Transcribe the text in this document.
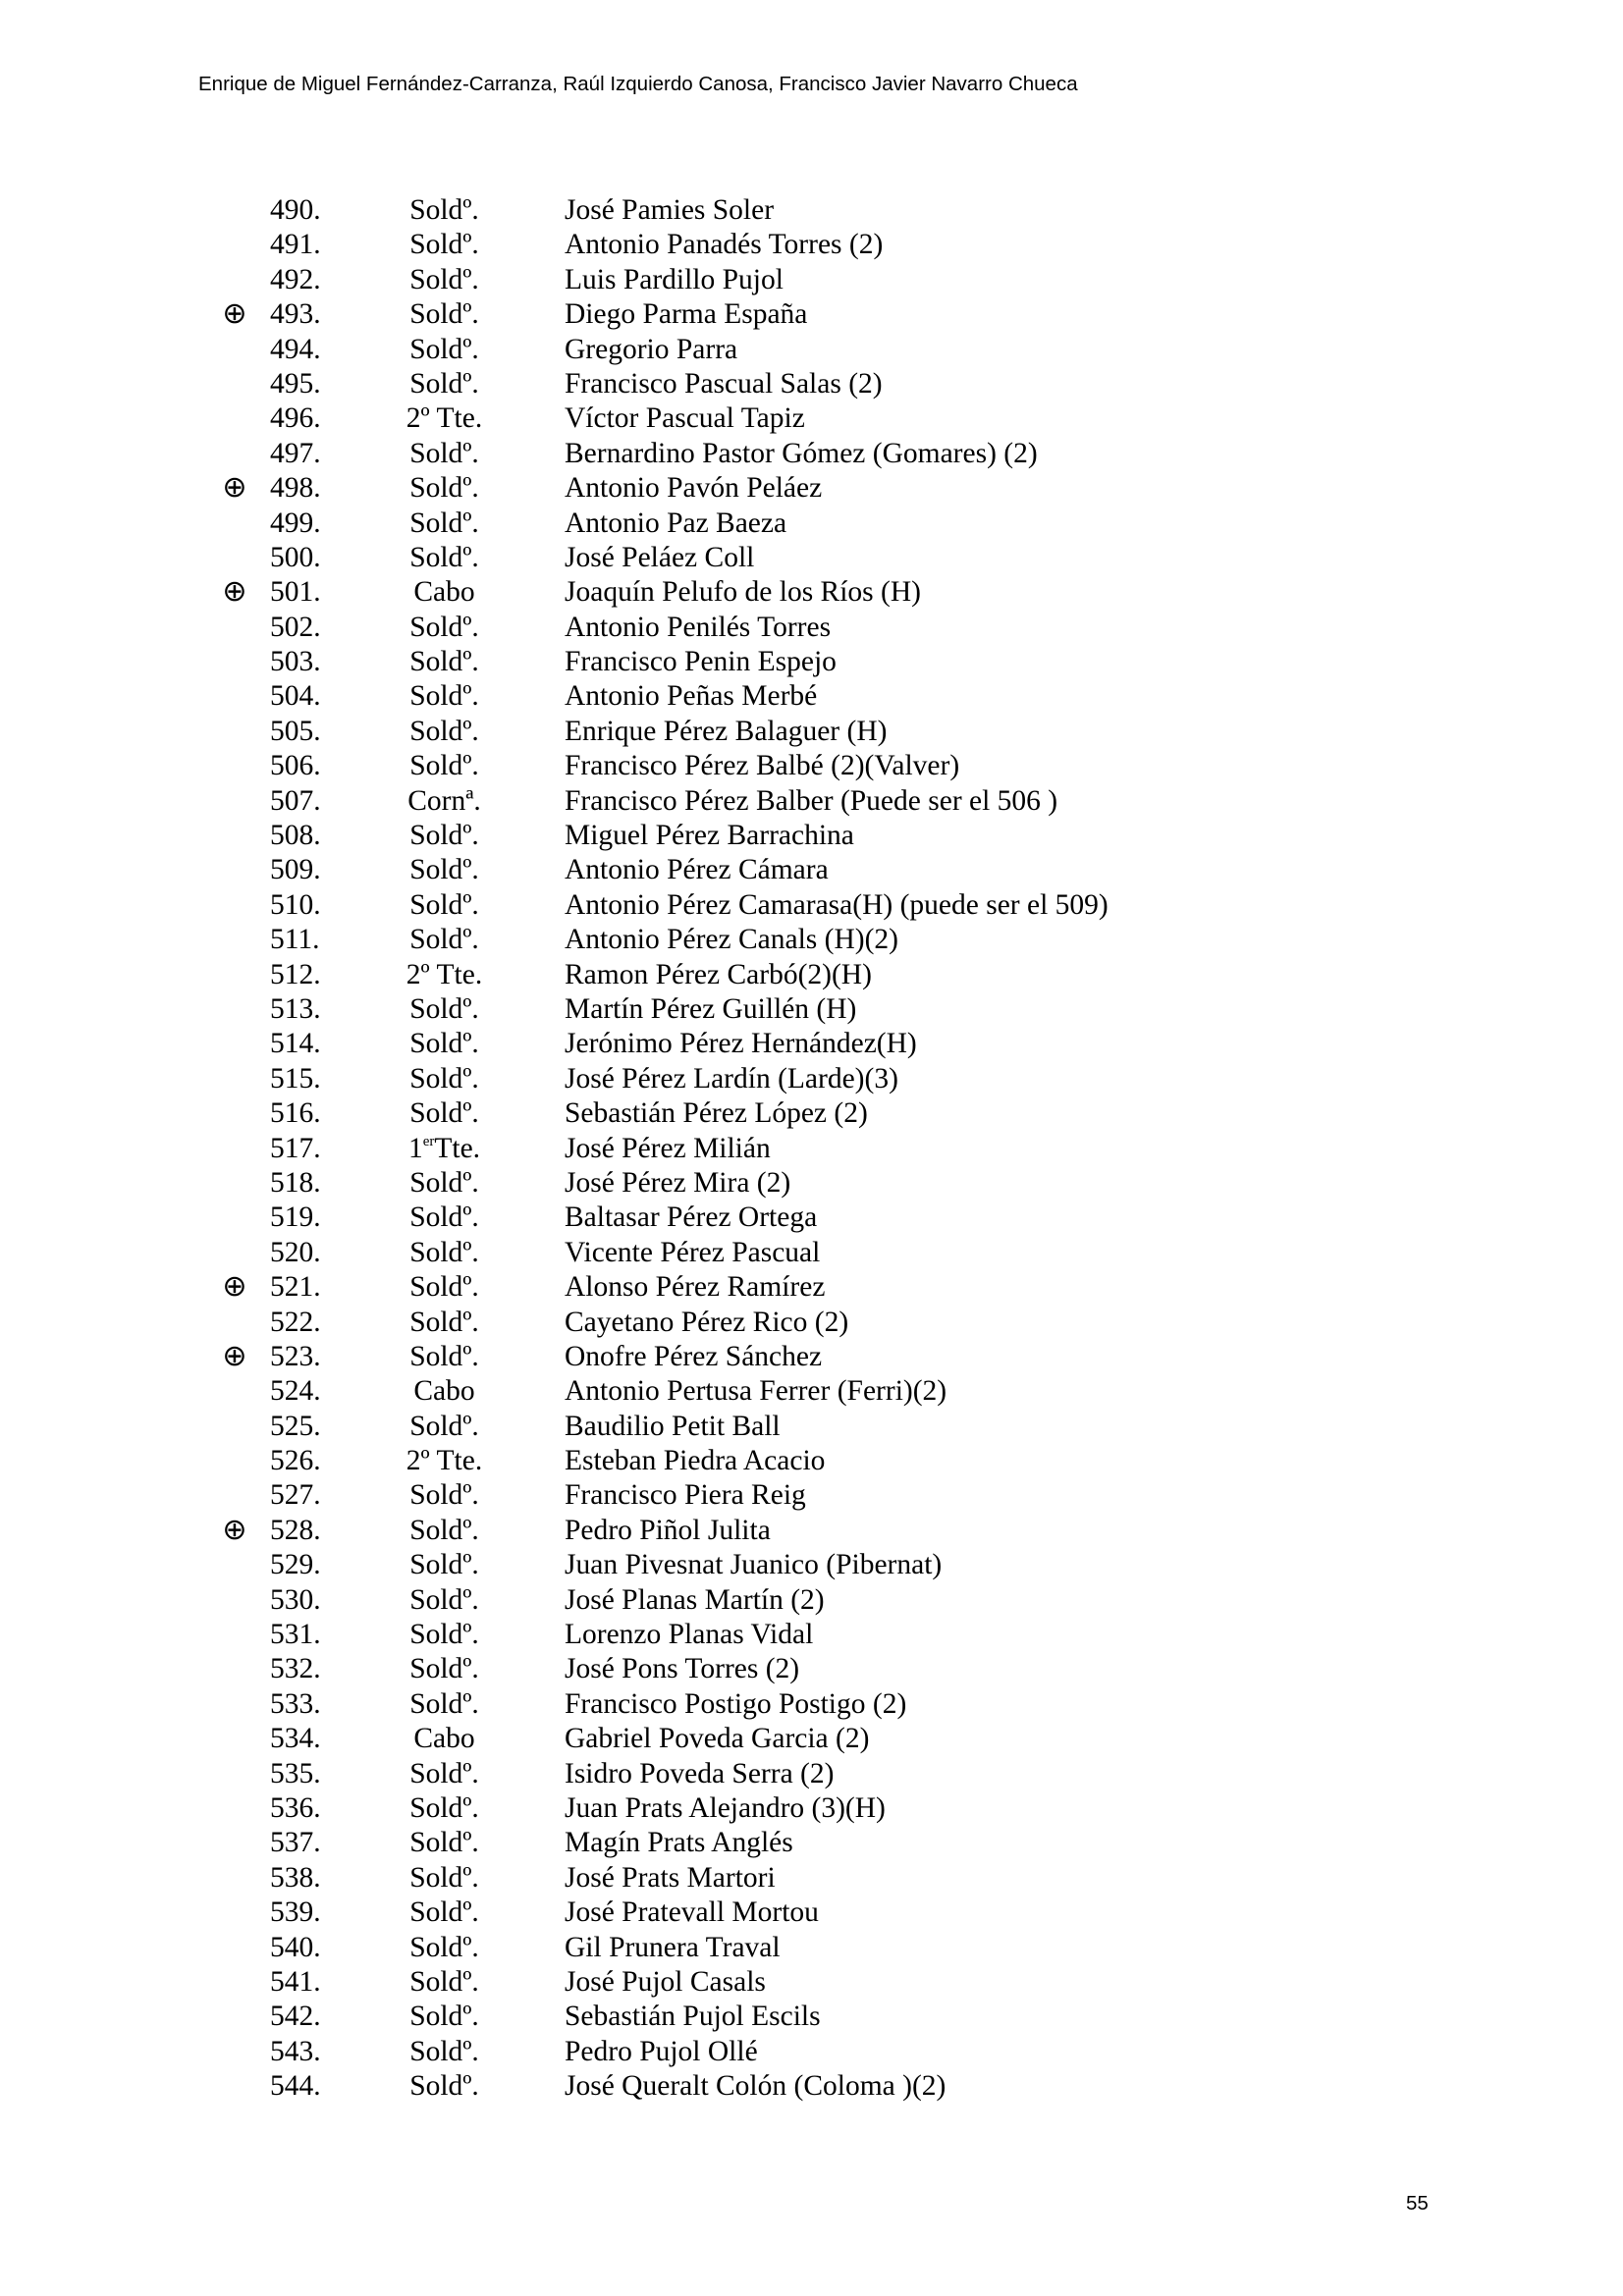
Enrique de Miguel Fernández-Carranza, Raúl Izquierdo Canosa, Francisco Javier Navarro Chueca
490.	Soldº.	José Pamies Soler
491.	Soldº.	Antonio Panadés Torres (2)
492.	Soldº.	Luis Pardillo Pujol
⊕ 493.	Soldº.	Diego Parma España
494.	Soldº.	Gregorio Parra
495.	Soldº.	Francisco Pascual Salas (2)
496.	2º Tte.	Víctor Pascual Tapiz
497.	Soldº.	Bernardino Pastor Gómez (Gomares) (2)
⊕ 498.	Soldº.	Antonio Pavón Peláez
499.	Soldº.	Antonio Paz Baeza
500.	Soldº.	José Peláez Coll
⊕ 501.	Cabo	Joaquín Pelufo de los Ríos (H)
502.	Soldº.	Antonio Penilés Torres
503.	Soldº.	Francisco Penin Espejo
504.	Soldº.	Antonio Peñas Merbé
505.	Soldº.	Enrique Pérez Balaguer (H)
506.	Soldº.	Francisco Pérez Balbé (2)(Valver)
507.	Cornª.	Francisco Pérez Balber (Puede ser el 506 )
508.	Soldº.	Miguel Pérez Barrachina
509.	Soldº.	Antonio Pérez Cámara
510.	Soldº.	Antonio Pérez Camarasa(H) (puede ser el 509)
511.	Soldº.	Antonio Pérez Canals (H)(2)
512.	2º Tte.	Ramon Pérez Carbó(2)(H)
513.	Soldº.	Martín Pérez Guillén (H)
514.	Soldº.	Jerónimo Pérez Hernández(H)
515.	Soldº.	José Pérez Lardín (Larde)(3)
516.	Soldº.	Sebastián Pérez López (2)
517.	1erTte.	José Pérez Milián
518.	Soldº.	José Pérez Mira (2)
519.	Soldº.	Baltasar Pérez Ortega
520.	Soldº.	Vicente Pérez Pascual
⊕ 521.	Soldº.	Alonso Pérez Ramírez
522.	Soldº.	Cayetano Pérez Rico (2)
⊕ 523.	Soldº.	Onofre Pérez Sánchez
524.	Cabo	Antonio Pertusa Ferrer (Ferri)(2)
525.	Soldº.	Baudilio Petit Ball
526.	2º Tte.	Esteban Piedra Acacio
527.	Soldº.	Francisco Piera Reig
⊕ 528.	Soldº.	Pedro Piñol Julita
529.	Soldº.	Juan Pivesnat Juanico (Pibernat)
530.	Soldº.	José Planas Martín (2)
531.	Soldº.	Lorenzo Planas Vidal
532.	Soldº.	José Pons Torres (2)
533.	Soldº.	Francisco Postigo Postigo (2)
534.	Cabo	Gabriel Poveda Garcia (2)
535.	Soldº.	Isidro Poveda Serra (2)
536.	Soldº.	Juan Prats Alejandro (3)(H)
537.	Soldº.	Magín Prats Anglés
538.	Soldº.	José Prats Martori
539.	Soldº.	José Pratevall Mortou
540.	Soldº.	Gil Prunera Traval
541.	Soldº.	José Pujol Casals
542.	Soldº.	Sebastián Pujol Escils
543.	Soldº.	Pedro Pujol Ollé
544.	Soldº.	José Queralt Colón (Coloma )(2)
55
